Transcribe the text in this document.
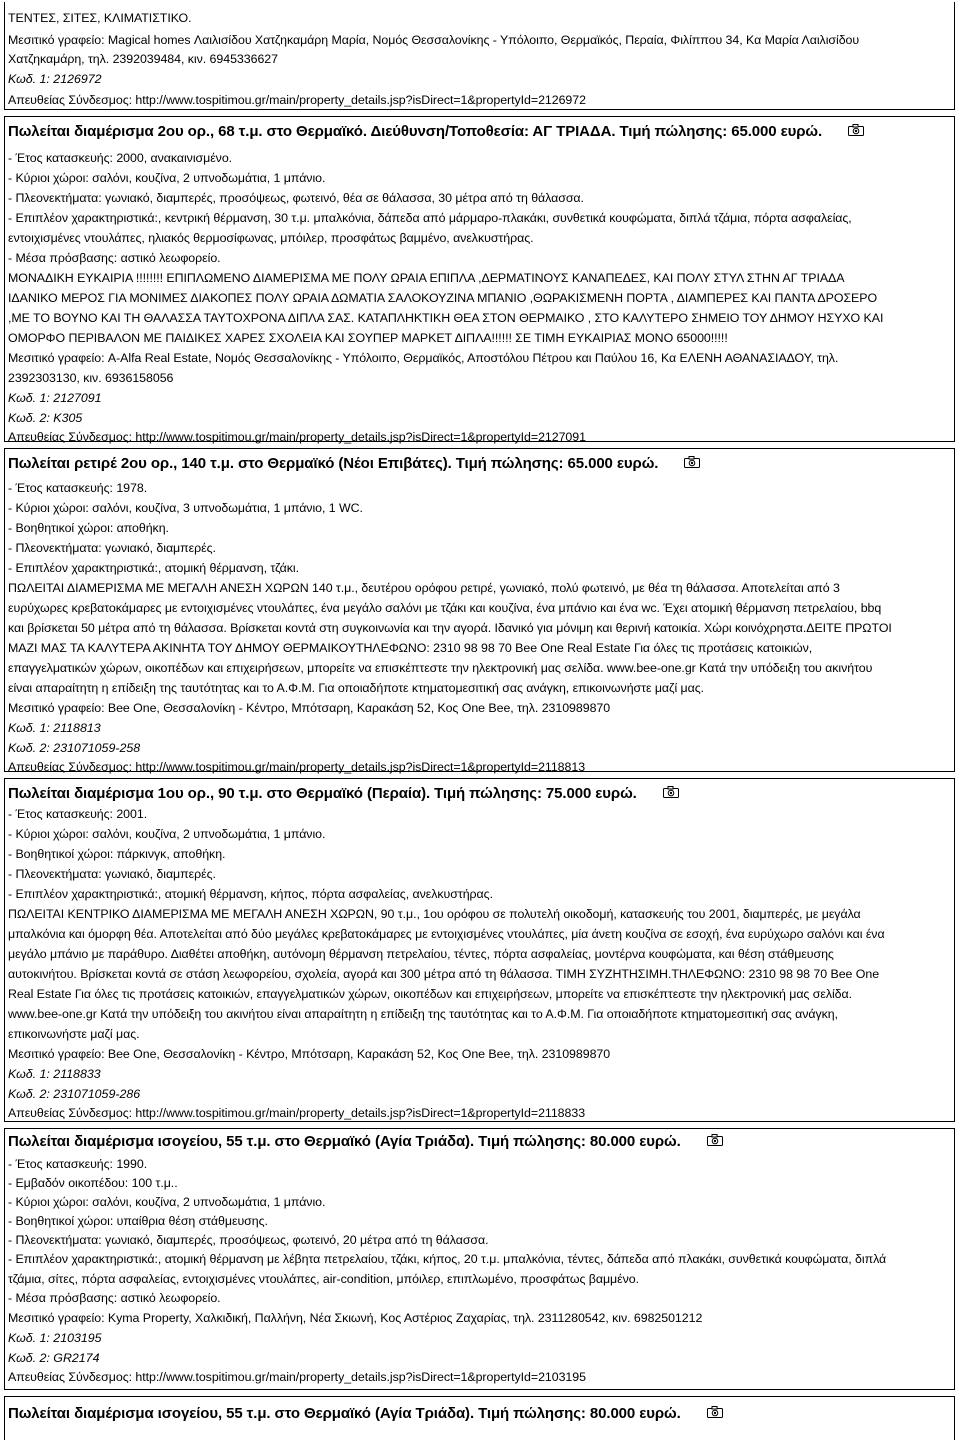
ΤΕΝΤΕΣ, ΣΙΤΕΣ, ΚΛΙΜΑΤΙΣΤΙΚΟ.
Μεσιτικό γραφείο: Magical homes Λαιλισίδου Χατζηκαμάρη Μαρία, Νομός Θεσσαλονίκης - Υπόλοιπο, Θερμαϊκός, Περαία, Φιλίππου 34, Κα Μαρία Λαιλισίδου
Χατζηκαμάρη, τηλ. 2392039484, κιν. 6945336627
Κωδ. 1: 2126972
Απευθείας Σύνδεσμος: http://www.tospitimou.gr/main/property_details.jsp?isDirect=1&propertyId=2126972
Πωλείται διαμέρισμα 2ου ορ., 68 τ.μ. στο Θερμαϊκό. Διεύθυνση/Τοποθεσία: ΑΓ ΤΡΙΑΔΑ. Τιμή πώλησης: 65.000 ευρώ.
- Έτος κατασκευής: 2000, ανακαινισμένο.
- Κύριοι χώροι: σαλόνι, κουζίνα, 2 υπνοδωμάτια, 1 μπάνιο.
- Πλεονεκτήματα: γωνιακό, διαμπερές, προσόψεως, φωτεινό, θέα σε θάλασσα, 30 μέτρα από τη θάλασσα.
- Επιπλέον χαρακτηριστικά:, κεντρική θέρμανση, 30 τ.μ. μπαλκόνια, δάπεδα από μάρμαρο-πλακάκι, συνθετικά κουφώματα, διπλά τζάμια, πόρτα ασφαλείας,
εντοιχισμένες ντουλάπες, ηλιακός θερμοσίφωνας, μπόιλερ, προσφάτως βαμμένο, ανελκυστήρας.
- Μέσα πρόσβασης: αστικό λεωφορείο.
ΜΟΝΑΔΙΚΗ ΕΥΚΑΙΡΙΑ !!!!!!!! ΕΠΙΠΛΩΜΕΝΟ ΔΙΑΜΕΡΙΣΜΑ ΜΕ ΠΟΛΥ ΩΡΑΙΑ ΕΠΙΠΛΑ ,ΔΕΡΜΑΤΙΝΟΥΣ ΚΑΝΑΠΕΔΕΣ, ΚΑΙ ΠΟΛΥ ΣΤΥΛ ΣΤΗΝ ΑΓ ΤΡΙΑΔΑ
ΙΔΑΝΙΚΟ ΜΕΡΟΣ ΓΙΑ ΜΟΝΙΜΕΣ ΔΙΑΚΟΠΕΣ ΠΟΛΥ ΩΡΑΙΑ ΔΩΜΑΤΙΑ ΣΑΛΟΚΟΥΖΙΝΑ ΜΠΑΝΙΟ ,ΘΩΡΑΚΙΣΜΕΝΗ ΠΟΡΤΑ , ΔΙΑΜΠΕΡΕΣ ΚΑΙ ΠΑΝΤΑ ΔΡΟΣΕΡΟ
,ΜΕ ΤΟ ΒΟΥΝΟ ΚΑΙ ΤΗ ΘΑΛΑΣΣΑ ΤΑΥΤΟΧΡΟΝΑ ΔΙΠΛΑ ΣΑΣ. ΚΑΤΑΠΛΗΚΤΙΚΗ ΘΕΑ ΣΤΟΝ ΘΕΡΜΑΙΚΟ , ΣΤΟ ΚΑΛΥΤΕΡΟ ΣΗΜΕΙΟ ΤΟΥ ΔΗΜΟΥ ΗΣΥΧΟ ΚΑΙ
ΟΜΟΡΦΟ ΠΕΡΙΒΑΛΟΝ ΜΕ ΠΑΙΔΙΚΕΣ ΧΑΡΕΣ ΣΧΟΛΕΙΑ ΚΑΙ ΣΟΥΠΕΡ ΜΑΡΚΕΤ ΔΙΠΛΑ!!!!!! ΣΕ ΤΙΜΗ ΕΥΚΑΙΡΙΑΣ ΜΟΝΟ 65000!!!!!
Μεσιτικό γραφείο: A-Alfa Real Estate, Νομός Θεσσαλονίκης - Υπόλοιπο, Θερμαϊκός, Αποστόλου Πέτρου και Παύλου 16, Κα ΕΛΕΝΗ ΑΘΑΝΑΣΙΑΔΟΥ, τηλ.
2392303130, κιν. 6936158056
Κωδ. 1: 2127091
Κωδ. 2: K305
Απευθείας Σύνδεσμος: http://www.tospitimou.gr/main/property_details.jsp?isDirect=1&propertyId=2127091
Πωλείται ρετιρέ 2ου ορ., 140 τ.μ. στο Θερμαϊκό (Νέοι Επιβάτες). Τιμή πώλησης: 65.000 ευρώ.
- Έτος κατασκευής: 1978.
- Κύριοι χώροι: σαλόνι, κουζίνα, 3 υπνοδωμάτια, 1 μπάνιο, 1 WC.
- Βοηθητικοί χώροι: αποθήκη.
- Πλεονεκτήματα: γωνιακό, διαμπερές.
- Επιπλέον χαρακτηριστικά:, ατομική θέρμανση, τζάκι.
ΠΩΛΕΙΤΑΙ ΔΙΑΜΕΡΙΣΜΑ ΜΕ ΜΕΓΑΛΗ ΑΝΕΣΗ ΧΩΡΩΝ 140 τ.μ., δευτέρου ορόφου ρετιρέ, γωνιακό, πολύ φωτεινό, με θέα τη θάλασσα. Αποτελείται από 3
ευρύχωρες κρεβατοκάμαρες με εντοιχισμένες ντουλάπες, ένα μεγάλο σαλόνι με τζάκι και κουζίνα, ένα μπάνιο και ένα wc. Έχει ατομική θέρμανση πετρελαίου, bbq
και βρίσκεται 50 μέτρα από τη θάλασσα. Βρίσκεται κοντά στη συγκοινωνία και την αγορά. Ιδανικό για μόνιμη και θερινή κατοικία. Χώρι κοινόχρηστα.ΔΕΙΤΕ ΠΡΩΤΟΙ
ΜΑΖΙ ΜΑΣ ΤΑ ΚΑΛΥΤΕΡΑ ΑΚΙΝΗΤΑ ΤΟΥ ΔΗΜΟΥ ΘΕΡΜΑΙΚΟΥΤΗΛΕΦΩΝΟ: 2310 98 98 70 Bee One Real Estate Για όλες τις προτάσεις κατοικιών,
επαγγελματικών χώρων, οικοπέδων και επιχειρήσεων, μπορείτε να επισκέπτεστε την ηλεκτρονική μας σελίδα. www.bee-one.gr Κατά την υπόδειξη του ακινήτου
είναι απαραίτητη η επίδειξη της ταυτότητας και το Α.Φ.Μ. Για οποιαδήποτε κτηματομεσιτική σας ανάγκη, επικοινωνήστε μαζί μας.
Μεσιτικό γραφείο: Bee One, Θεσσαλονίκη - Κέντρο, Μπότσαρη, Καρακάση 52, Κος One Bee, τηλ. 2310989870
Κωδ. 1: 2118813
Κωδ. 2: 231071059-258
Απευθείας Σύνδεσμος: http://www.tospitimou.gr/main/property_details.jsp?isDirect=1&propertyId=2118813
Πωλείται διαμέρισμα 1ου ορ., 90 τ.μ. στο Θερμαϊκό (Περαία). Τιμή πώλησης: 75.000 ευρώ.
- Έτος κατασκευής: 2001.
- Κύριοι χώροι: σαλόνι, κουζίνα, 2 υπνοδωμάτια, 1 μπάνιο.
- Βοηθητικοί χώροι: πάρκινγκ, αποθήκη.
- Πλεονεκτήματα: γωνιακό, διαμπερές.
- Επιπλέον χαρακτηριστικά:, ατομική θέρμανση, κήπος, πόρτα ασφαλείας, ανελκυστήρας.
ΠΩΛΕΙΤΑΙ ΚΕΝΤΡΙΚΟ ΔΙΑΜΕΡΙΣΜΑ ΜΕ ΜΕΓΑΛΗ ΑΝΕΣΗ ΧΩΡΩΝ, 90 τ.μ., 1ου ορόφου σε πολυτελή οικοδομή, κατασκευής του 2001, διαμπερές, με μεγάλα
μπαλκόνια και όμορφη θέα. Αποτελείται από δύο μεγάλες κρεβατοκάμαρες με εντοιχισμένες ντουλάπες, μία άνετη κουζίνα σε εσοχή, ένα ευρύχωρο σαλόνι και ένα
μεγάλο μπάνιο με παράθυρο. Διαθέτει αποθήκη, αυτόνομη θέρμανση πετρελαίου, τέντες, πόρτα ασφαλείας, μοντέρνα κουφώματα, και θέση στάθμευσης
αυτοκινήτου. Βρίσκεται κοντά σε στάση λεωφορείου, σχολεία, αγορά και 300 μέτρα από τη θάλασσα. ΤΙΜΗ ΣΥΖΗΤΗΣΙΜΗ.ΤΗΛΕΦΩΝΟ: 2310 98 98 70 Bee One
Real Estate Για όλες τις προτάσεις κατοικιών, επαγγελματικών χώρων, οικοπέδων και επιχειρήσεων, μπορείτε να επισκέπτεστε την ηλεκτρονική μας σελίδα.
www.bee-one.gr Κατά την υπόδειξη του ακινήτου είναι απαραίτητη η επίδειξη της ταυτότητας και το Α.Φ.Μ. Για οποιαδήποτε κτηματομεσιτική σας ανάγκη,
επικοινωνήστε μαζί μας.
Μεσιτικό γραφείο: Bee One, Θεσσαλονίκη - Κέντρο, Μπότσαρη, Καρακάση 52, Κος One Bee, τηλ. 2310989870
Κωδ. 1: 2118833
Κωδ. 2: 231071059-286
Απευθείας Σύνδεσμος: http://www.tospitimou.gr/main/property_details.jsp?isDirect=1&propertyId=2118833
Πωλείται διαμέρισμα ισογείου, 55 τ.μ. στο Θερμαϊκό (Αγία Τριάδα). Τιμή πώλησης: 80.000 ευρώ.
- Έτος κατασκευής: 1990.
- Εμβαδόν οικοπέδου: 100 τ.μ..
- Κύριοι χώροι: σαλόνι, κουζίνα, 2 υπνοδωμάτια, 1 μπάνιο.
- Βοηθητικοί χώροι: υπαίθρια θέση στάθμευσης.
- Πλεονεκτήματα: γωνιακό, διαμπερές, προσόψεως, φωτεινό, 20 μέτρα από τη θάλασσα.
- Επιπλέον χαρακτηριστικά:, ατομική θέρμανση με λέβητα πετρελαίου, τζάκι, κήπος, 20 τ.μ. μπαλκόνια, τέντες, δάπεδα από πλακάκι, συνθετικά κουφώματα, διπλά
τζάμια, σίτες, πόρτα ασφαλείας, εντοιχισμένες ντουλάπες, air-condition, μπόιλερ, επιπλωμένο, προσφάτως βαμμένο.
- Μέσα πρόσβασης: αστικό λεωφορείο.
Μεσιτικό γραφείο: Kyma Property, Χαλκιδική, Παλλήνη, Νέα Σκιωνή, Κος Αστέριος Ζαχαρίας, τηλ. 2311280542, κιν. 6982501212
Κωδ. 1: 2103195
Κωδ. 2: GR2174
Απευθείας Σύνδεσμος: http://www.tospitimou.gr/main/property_details.jsp?isDirect=1&propertyId=2103195
Πωλείται διαμέρισμα ισογείου, 55 τ.μ. στο Θερμαϊκό (Αγία Τριάδα). Τιμή πώλησης: 80.000 ευρώ.
